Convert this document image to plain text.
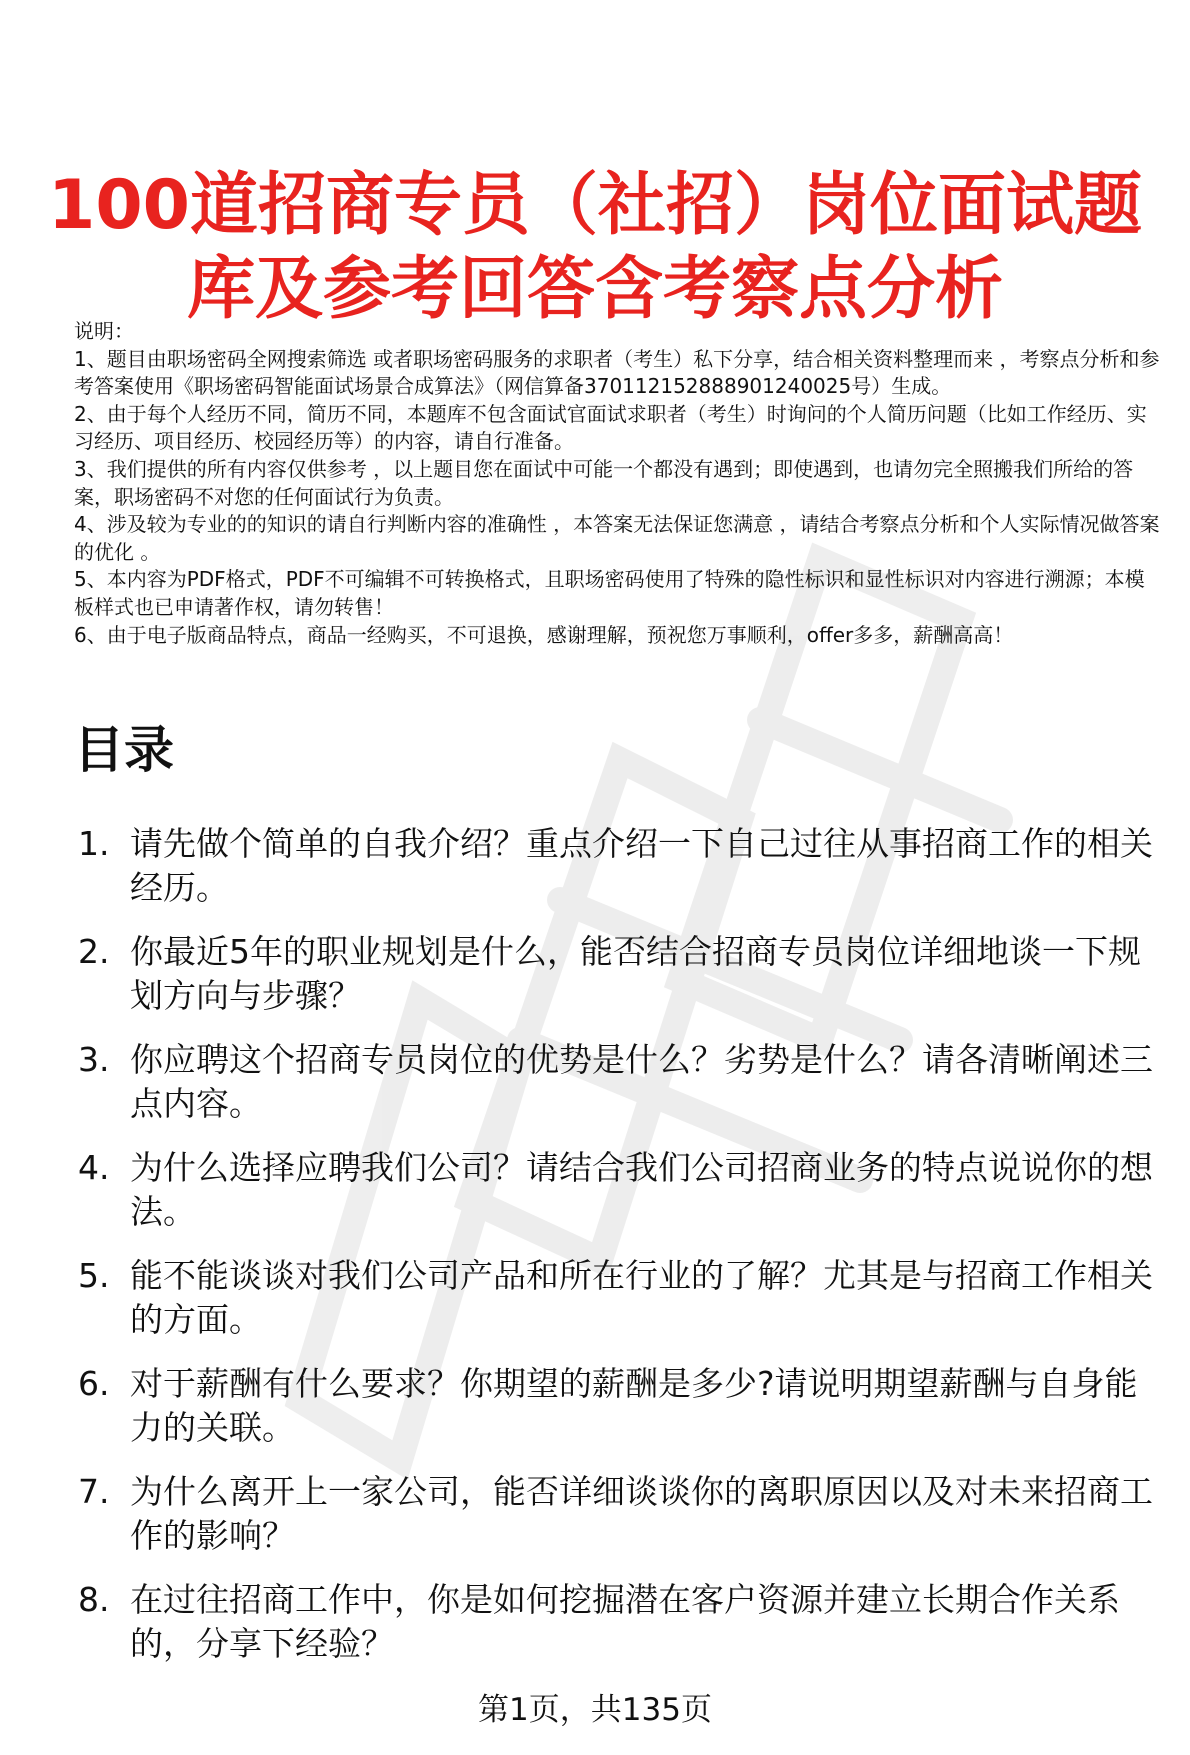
100道招商专员（社招）岗位面试题
库及参考回答含考察点分析

说明：

1、题目由职场密码全网搜索筛选 或者职场密码服务的求职者（考生）私下分享，结合相关资料整理而来 ，考察点分析和参考答案使用《职场密码智能面试场景合成算法》（网信算备370112152888901240025号）生成。

2、由于每个人经历不同，简历不同，本题库不包含面试官面试求职者（考生）时询问的个人简历问题（比如工作经历、实习经历、项目经历、校园经历等）的内容，请自行准备。

3、我们提供的所有内容仅供参考 ，以上题目您在面试中可能一个都没有遇到；即使遇到，也请勿完全照搬我们所给的答案，职场密码不对您的任何面试行为负责。

4、涉及较为专业的的知识的请自行判断内容的准确性 ，本答案无法保证您满意 ，请结合考察点分析和个人实际情况做答案的优化 。

5、本内容为PDF格式，PDF不可编辑不可转换格式，且职场密码使用了特殊的隐性标识和显性标识对内容进行溯源；本模板样式也已申请著作权，请勿转售！

6、由于电子版商品特点，商品一经购买，不可退换，感谢理解，预祝您万事顺利，offer多多，薪酬高高！

目录
1. 请先做个简单的自我介绍？重点介绍一下自己过往从事招商工作的相关经历。
2. 你最近5年的职业规划是什么，能否结合招商专员岗位详细地谈一下规划方向与步骤？
3. 你应聘这个招商专员岗位的优势是什么？劣势是什么？请各清晰阐述三点内容。
4. 为什么选择应聘我们公司？请结合我们公司招商业务的特点说说你的想法。
5. 能不能谈谈对我们公司产品和所在行业的了解？尤其是与招商工作相关的方面。
6. 对于薪酬有什么要求？你期望的薪酬是多少?请说明期望薪酬与自身能力的关联。
7. 为什么离开上一家公司，能否详细谈谈你的离职原因以及对未来招商工作的影响？
8. 在过往招商工作中，你是如何挖掘潜在客户资源并建立长期合作关系的，分享下经验？
第1页，共135页
